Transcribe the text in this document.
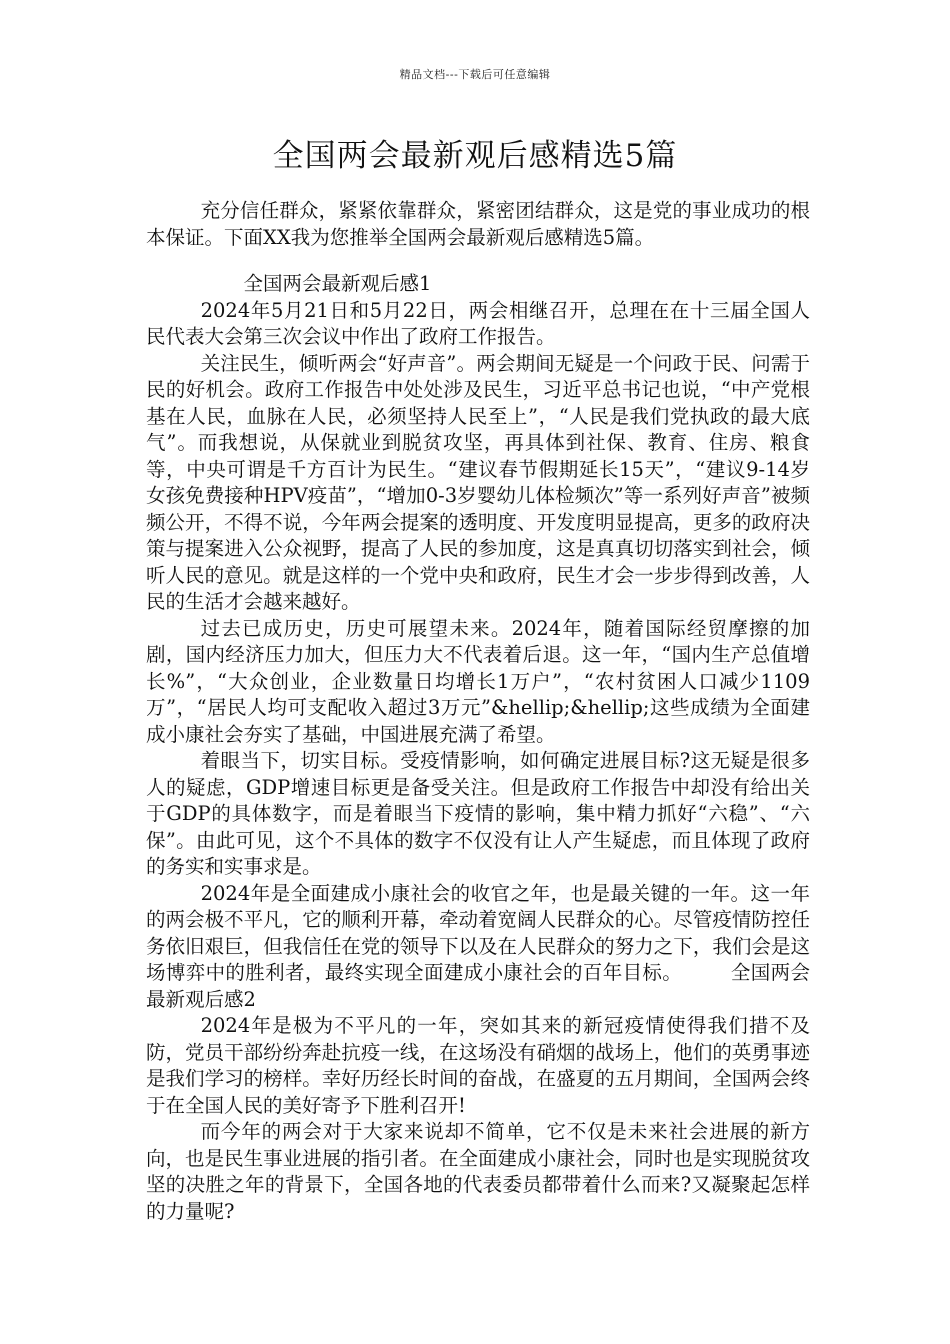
精品文档---下载后可任意编辑
全国两会最新观后感精选5篇

充分信任群众，紧紧依靠群众，紧密团结群众，这是党的事业成功的根本保证。下面XX我为您推举全国两会最新观后感精选5篇。

全国两会最新观后感1

2024年5月21日和5月22日，两会相继召开，总理在在十三届全国人民代表大会第三次会议中作出了政府工作报告。

关注民生，倾听两会“好声音”。两会期间无疑是一个问政于民、问需于民的好机会。政府工作报告中处处涉及民生，习近平总书记也说，“中产党根基在人民，血脉在人民，必须坚持人民至上”，“人民是我们党执政的最大底气”。而我想说，从保就业到脱贫攻坚，再具体到社保、教育、住房、粮食等，中央可谓是千方百计为民生。“建议春节假期延长15天”，“建议9-14岁女孩免费接种HPV疫苗”，“增加0-3岁婴幼儿体检频次”等一系列好声音”被频频公开，不得不说，今年两会提案的透明度、开发度明显提高，更多的政府决策与提案进入公众视野，提高了人民的参加度，这是真真切切落实到社会，倾听人民的意见。就是这样的一个党中央和政府，民生才会一步步得到改善，人民的生活才会越来越好。

过去已成历史，历史可展望未来。2024年，随着国际经贸摩擦的加剧，国内经济压力加大，但压力大不代表着后退。这一年，“国内生产总值增长%”，“大众创业，企业数量日均增长1万户”，“农村贫困人口减少1109万”，“居民人均可支配收入超过3万元”&hellip;&hellip;这些成绩为全面建成小康社会夯实了基础，中国进展充满了希望。

着眼当下，切实目标。受疫情影响，如何确定进展目标?这无疑是很多人的疑虑，GDP增速目标更是备受关注。但是政府工作报告中却没有给出关于GDP的具体数字，而是着眼当下疫情的影响，集中精力抓好“六稳”、“六保”。由此可见，这个不具体的数字不仅没有让人产生疑虑，而且体现了政府的务实和实事求是。

2024年是全面建成小康社会的收官之年，也是最关键的一年。这一年的两会极不平凡，它的顺利开幕，牵动着宽阔人民群众的心。尽管疫情防控任务依旧艰巨，但我信任在党的领导下以及在人民群众的努力之下，我们会是这场博弈中的胜利者，最终实现全面建成小康社会的百年目标。	全国两会最新观后感2

2024年是极为不平凡的一年，突如其来的新冠疫情使得我们措不及防，党员干部纷纷奔赴抗疫一线，在这场没有硝烟的战场上，他们的英勇事迹是我们学习的榜样。幸好历经长时间的奋战，在盛夏的五月期间，全国两会终于在全国人民的美好寄予下胜利召开!

而今年的两会对于大家来说却不简单，它不仅是未来社会进展的新方向，也是民生事业进展的指引者。在全面建成小康社会，同时也是实现脱贫攻坚的决胜之年的背景下，全国各地的代表委员都带着什么而来?又凝聚起怎样的力量呢?
